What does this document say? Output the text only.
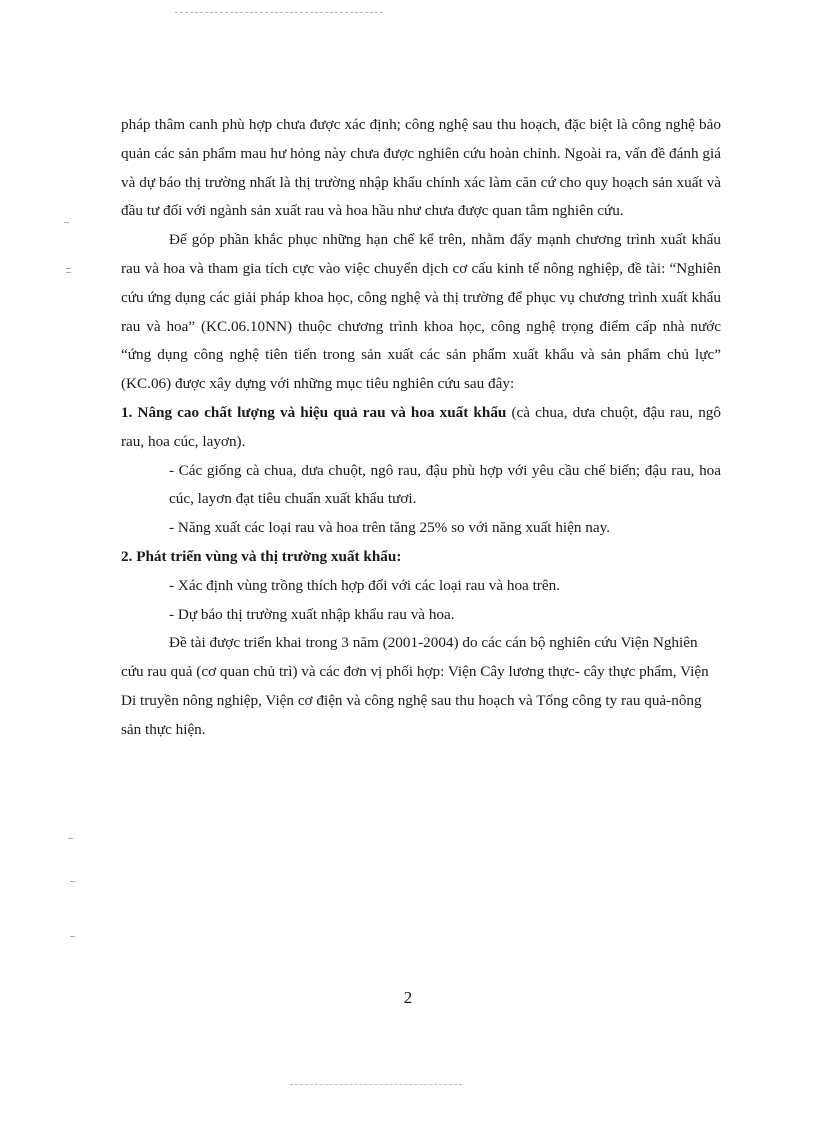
pháp thâm canh phù hợp chưa được xác định; công nghệ sau thu hoạch, đặc biệt là công nghệ bảo quản các sản phẩm mau hư hỏng này chưa được nghiên cứu hoàn chỉnh. Ngoài ra, vấn đề đánh giá và dự báo thị trường nhất là thị trường nhập khẩu chính xác làm căn cứ cho quy hoạch sản xuất và đầu tư đối với ngành sản xuất rau và hoa hầu như chưa được quan tâm nghiên cứu.

Để góp phần khắc phục những hạn chế kể trên, nhằm đẩy mạnh chương trình xuất khẩu rau và hoa và tham gia tích cực vào việc chuyển dịch cơ cấu kinh tế nông nghiệp, đề tài: “Nghiên cứu ứng dụng các giải pháp khoa học, công nghệ và thị trường để phục vụ chương trình xuất khẩu rau và hoa” (KC.06.10NN) thuộc chương trình khoa học, công nghệ trọng điểm cấp nhà nước “ứng dụng công nghệ tiên tiến trong sản xuất các sản phẩm xuất khẩu và sản phẩm chủ lực” (KC.06) được xây dựng với những mục tiêu nghiên cứu sau đây:

1. Nâng cao chất lượng và hiệu quả rau và hoa xuất khẩu (cà chua, dưa chuột, đậu rau, ngô rau, hoa cúc, layơn).

- Các giống cà chua, dưa chuột, ngô rau, đậu phù hợp với yêu cầu chế biến; đậu rau, hoa cúc, layơn đạt tiêu chuẩn xuất khẩu tươi.

- Năng xuất các loại rau và hoa trên tăng 25% so với năng xuất hiện nay.

2. Phát triển vùng và thị trường xuất khẩu:

- Xác định vùng trồng thích hợp đối với các loại rau và hoa trên.

- Dự báo thị trường xuất nhập khẩu rau và hoa.

Đề tài được triển khai trong 3 năm (2001-2004) do các cán bộ nghiên cứu Viện Nghiên cứu rau quả (cơ quan chủ trì) và các đơn vị phối hợp: Viện Cây lương thực- cây thực phẩm, Viện Di truyền nông nghiệp, Viện cơ điện và công nghệ sau thu hoạch và Tổng công ty rau quả-nông sản thực hiện.

2
